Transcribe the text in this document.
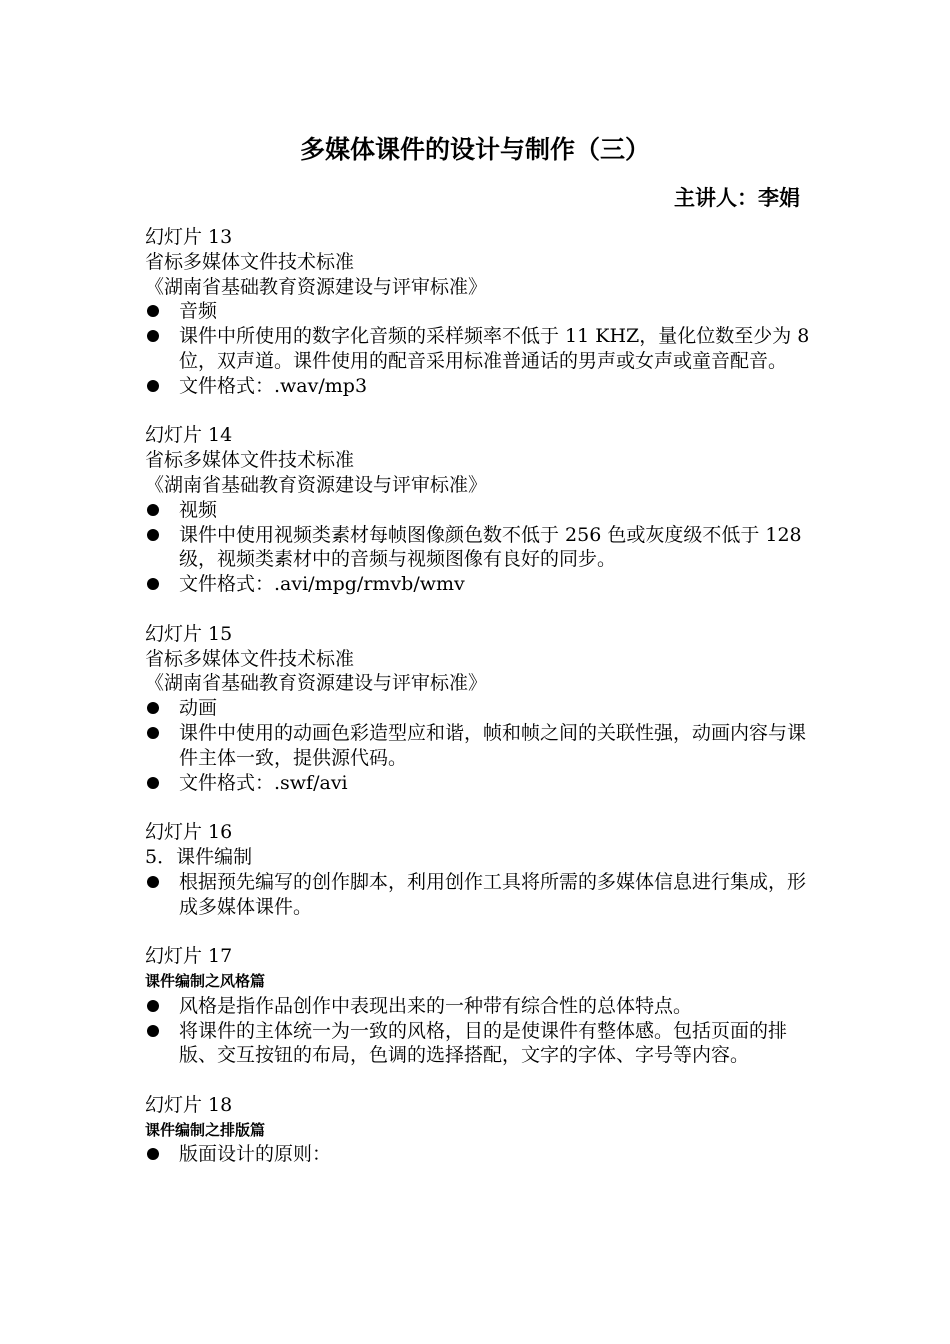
多媒体课件的设计与制作（三）
主讲人：李娟
幻灯片 13
省标多媒体文件技术标准
《湖南省基础教育资源建设与评审标准》
音频
课件中所使用的数字化音频的采样频率不低于 11 KHZ，量化位数至少为 8 位，双声道。课件使用的配音采用标准普通话的男声或女声或童音配音。
文件格式：.wav/mp3
幻灯片 14
省标多媒体文件技术标准
《湖南省基础教育资源建设与评审标准》
视频
课件中使用视频类素材每帧图像颜色数不低于 256 色或灰度级不低于 128 级，视频类素材中的音频与视频图像有良好的同步。
文件格式：.avi/mpg/rmvb/wmv
幻灯片 15
省标多媒体文件技术标准
《湖南省基础教育资源建设与评审标准》
动画
课件中使用的动画色彩造型应和谐，帧和帧之间的关联性强，动画内容与课件主体一致，提供源代码。
文件格式：.swf/avi
幻灯片 16
5．课件编制
根据预先编写的创作脚本，利用创作工具将所需的多媒体信息进行集成，形成多媒体课件。
幻灯片 17
课件编制之风格篇
风格是指作品创作中表现出来的一种带有综合性的总体特点。
将课件的主体统一为一致的风格，目的是使课件有整体感。包括页面的排版、交互按钮的布局，色调的选择搭配，文字的字体、字号等内容。
幻灯片 18
课件编制之排版篇
版面设计的原则：
